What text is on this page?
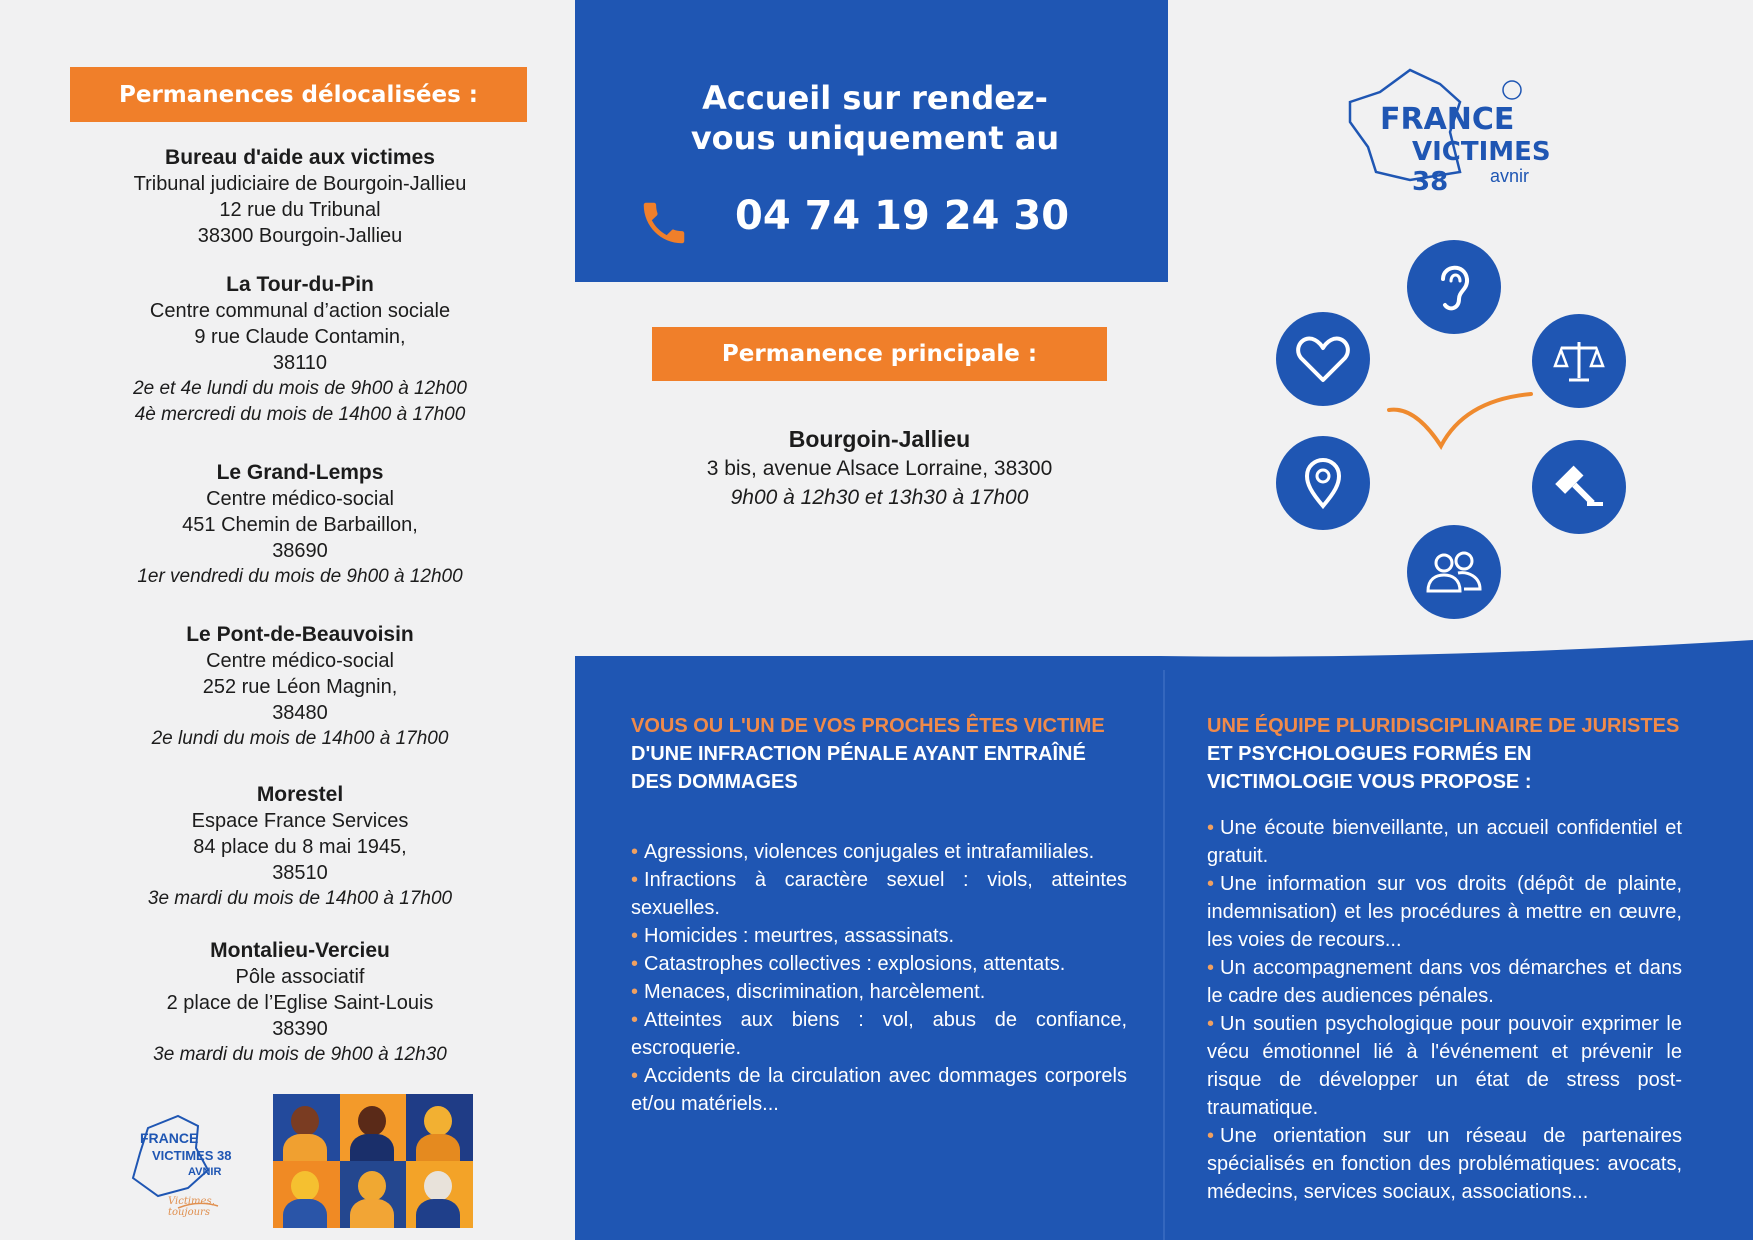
Permanences délocalisées :
Bureau d'aide aux victimes
Tribunal judiciaire de Bourgoin-Jallieu
12 rue du Tribunal
38300 Bourgoin-Jallieu
La Tour-du-Pin
Centre communal d’action sociale
9 rue Claude Contamin,
38110
2e et 4e lundi du mois de 9h00 à 12h00
4è mercredi du mois de 14h00 à 17h00
Le Grand-Lemps
Centre médico-social
451 Chemin de Barbaillon,
38690
1er vendredi du mois de 9h00 à 12h00
Le Pont-de-Beauvoisin
Centre médico-social
252 rue Léon Magnin,
38480
2e lundi du mois de 14h00 à 17h00
Morestel
Espace France Services
84 place du 8 mai 1945,
38510
3e mardi du mois de 14h00 à 17h00
Montalieu-Vercieu
Pôle associatif
2 place de l’Eglise Saint-Louis
38390
3e mardi du mois de 9h00 à 12h30
FRANCE
VICTIMES 38
AVNIR
Victimes, toujours
Accueil sur rendez-vous uniquement au
04 74 19 24 30
Permanence principale :
Bourgoin-Jallieu
3 bis, avenue Alsace Lorraine, 38300
9h00 à 12h30 et 13h30 à 17h00
VOUS OU L'UN DE VOS PROCHES ÊTES VICTIME
D'UNE INFRACTION PÉNALE AYANT ENTRAÎNÉ DES DOMMAGES
• Agressions, violences conjugales et intrafamiliales.
• Infractions à caractère sexuel : viols, atteintes sexuelles.
• Homicides : meurtres, assassinats.
• Catastrophes collectives : explosions, attentats.
• Menaces, discrimination, harcèlement.
• Atteintes aux biens : vol, abus de confiance, escroquerie.
• Accidents de la circulation avec dommages corporels et/ou matériels...
FRANCE
VICTIMES 38	avnir
UNE ÉQUIPE PLURIDISCIPLINAIRE DE JURISTES
ET PSYCHOLOGUES FORMÉS EN VICTIMOLOGIE VOUS PROPOSE :
• Une écoute bienveillante, un accueil confidentiel et gratuit.
• Une information sur vos droits (dépôt de plainte, indemnisation) et les procédures à mettre en œuvre, les voies de recours...
• Un accompagnement dans vos démarches et dans le cadre des audiences pénales.
• Un soutien psychologique pour pouvoir exprimer le vécu émotionnel lié à l'événement et prévenir le risque de développer un état de stress post-traumatique.
• Une orientation sur un réseau de partenaires spécialisés en fonction des problématiques: avocats, médecins, services sociaux, associations...
